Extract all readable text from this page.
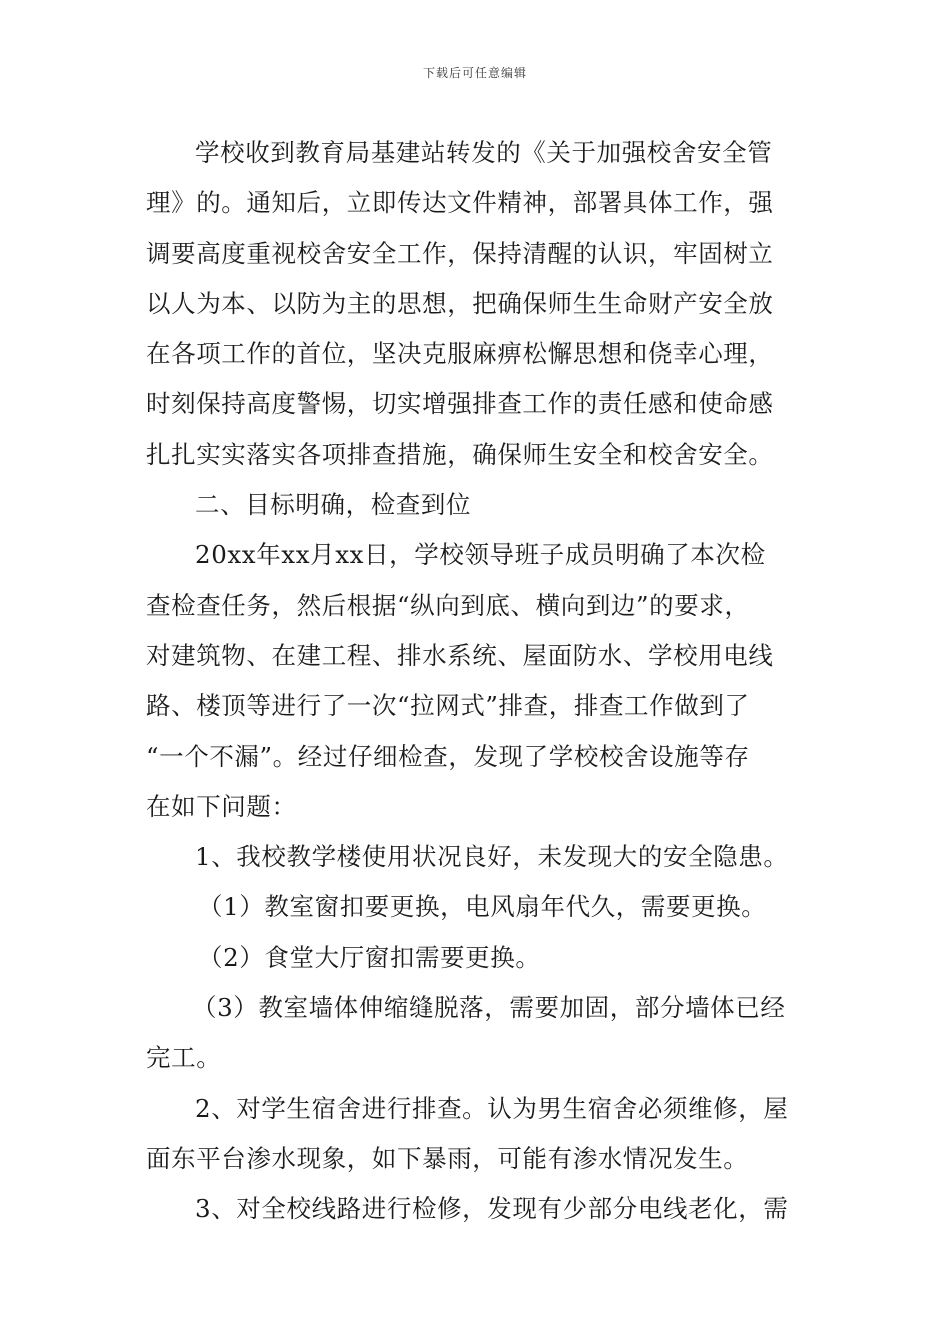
下载后可任意编辑
学校收到教育局基建站转发的《关于加强校舍安全管
理》的。通知后，立即传达文件精神，部署具体工作，强
调要高度重视校舍安全工作，保持清醒的认识，牢固树立
以人为本、以防为主的思想，把确保师生生命财产安全放
在各项工作的首位，坚决克服麻痹松懈思想和侥幸心理，
时刻保持高度警惕，切实增强排查工作的责任感和使命感
扎扎实实落实各项排查措施，确保师生安全和校舍安全。
二、目标明确，检查到位
20xx年xx月xx日，学校领导班子成员明确了本次检
查检查任务，然后根据“纵向到底、横向到边”的要求，
对建筑物、在建工程、排水系统、屋面防水、学校用电线
路、楼顶等进行了一次“拉网式”排查，排查工作做到了
“一个不漏”。经过仔细检查，发现了学校校舍设施等存
在如下问题：
1、我校教学楼使用状况良好，未发现大的安全隐患。
（1）教室窗扣要更换，电风扇年代久，需要更换。
（2）食堂大厅窗扣需要更换。
（3）教室墙体伸缩缝脱落，需要加固，部分墙体已经
完工。
2、对学生宿舍进行排查。认为男生宿舍必须维修，屋
面东平台渗水现象，如下暴雨，可能有渗水情况发生。
3、对全校线路进行检修，发现有少部分电线老化，需
